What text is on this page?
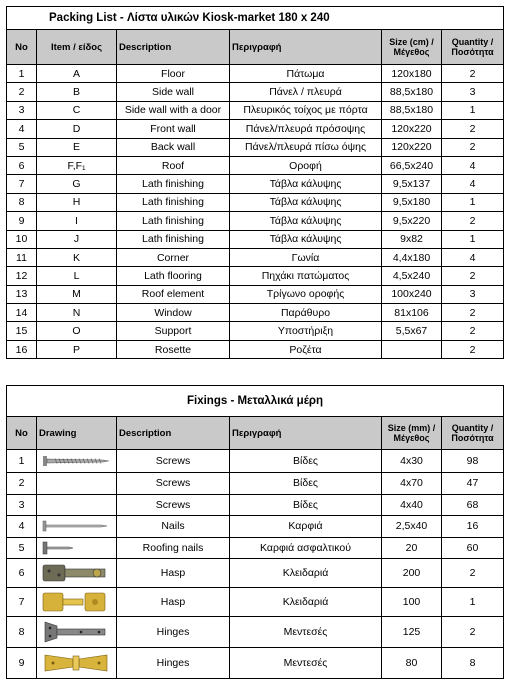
Packing List - Λίστα υλικών Kiosk-market 180 x 240					
No	Item / είδος	Description	Περιγραφή	Size (cm) / Μέγεθος	Quantity / Ποσότητα
1	A	Floor	Πάτωμα	120x180	2
2	B	Side wall	Πάνελ / πλευρά	88,5x180	3
3	C	Side wall with a door	Πλευρικός τοίχος με πόρτα	88,5x180	1
4	D	Front wall	Πάνελ/πλευρά πρόσοψης	120x220	2
5	E	Back wall	Πάνελ/πλευρά πίσω όψης	120x220	2
6	F,F₁	Roof	Οροφή	66,5x240	4
7	G	Lath finishing	Τάβλα κάλυψης	9,5x137	4
8	H	Lath finishing	Τάβλα κάλυψης	9,5x180	1
9	I	Lath finishing	Τάβλα κάλυψης	9,5x220	2
10	J	Lath finishing	Τάβλα κάλυψης	9x82	1
11	K	Corner	Γωνία	4,4x180	4
12	L	Lath flooring	Πηχάκι πατώματος	4,5x240	2
13	M	Roof element	Τρίγωνο οροφής	100x240	3
14	N	Window	Παράθυρο	81x106	2
15	O	Support	Υποστήριξη	5,5x67	2
16	P	Rosette	Ροζέτα		2
Fixings - Μεταλλικά μέρη					
No	Drawing	Description	Περιγραφή	Size (mm) / Μέγεθος	Quantity / Ποσότητα
1		Screws	Βίδες	4x30	98
2		Screws	Βίδες	4x70	47
3		Screws	Βίδες	4x40	68
4		Nails	Καρφιά	2,5x40	16
5		Roofing nails	Καρφιά ασφαλτικού	20	60
6		Hasp	Κλειδαριά	200	2
7		Hasp	Κλειδαριά	100	1
8		Hinges	Μεντεσές	125	2
9		Hinges	Μεντεσές	80	8
